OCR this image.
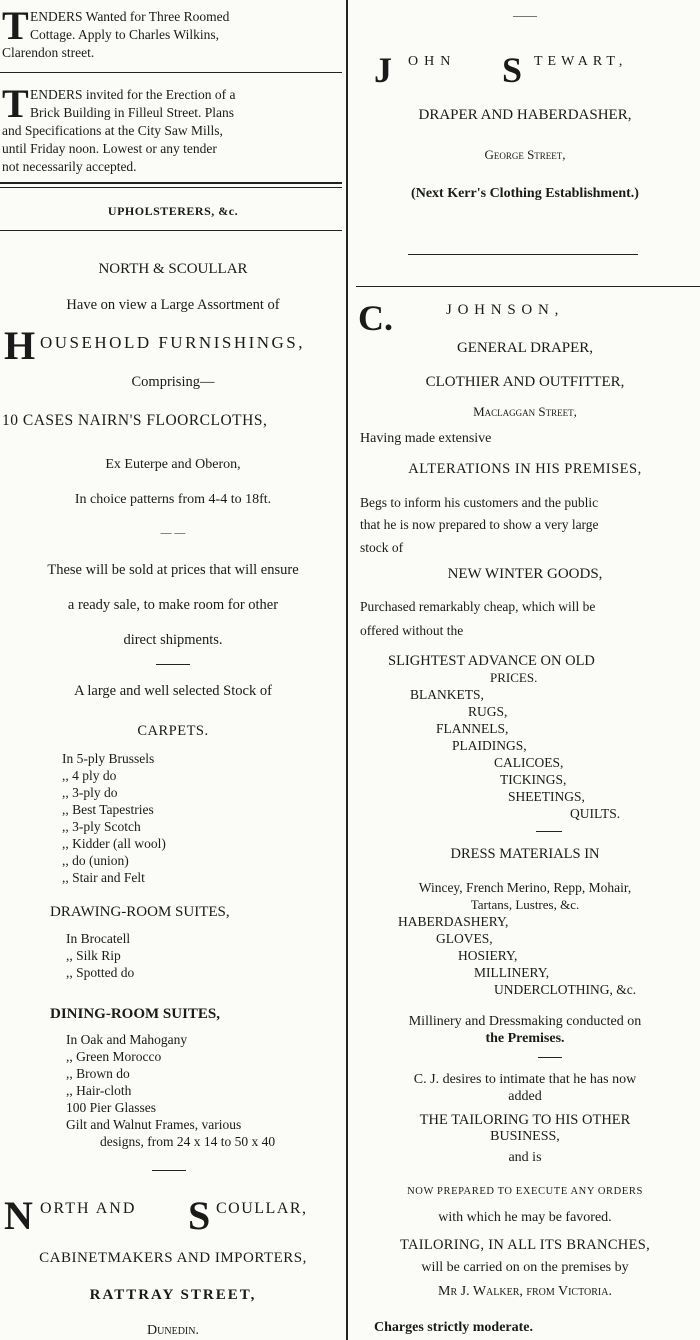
T ENDERS Wanted for Three Roomed
Cottage. Apply to Charles Wilkins,
Clarendon street.
T ENDERS invited for the Erection of a
Brick Building in Filleul Street. Plans
and Specifications at the City Saw Mills,
until Friday noon. Lowest or any tender
not necessarily accepted.
UPHOLSTERERS, &c.
NORTH & SCOULLAR
Have on view a Large Assortment of
H OUSEHOLD FURNISHINGS,
Comprising—
10 CASES NAIRN'S FLOORCLOTHS,
Ex Euterpe and Oberon,
In choice patterns from 4-4 to 18ft.
— —
These will be sold at prices that will ensure
a ready sale, to make room for other
direct shipments.
A large and well selected Stock of
CARPETS.
In 5-ply Brussels
,, 4 ply do
,, 3-ply do
,, Best Tapestries
,, 3-ply Scotch
,, Kidder (all wool)
,, do (union)
,, Stair and Felt
DRAWING-ROOM SUITES,
In Brocatell
,, Silk Rip
,, Spotted do
DINING-ROOM SUITES,
In Oak and Mahogany
,, Green Morocco
,, Brown do
,, Hair-cloth
100 Pier Glasses
Gilt and Walnut Frames, various
designs, from 24 x 14 to 50 x 40
N ORTH AND S COULLAR,
CABINETMAKERS AND IMPORTERS,
RATTRAY STREET,
Dunedin.
——
J OHN S TEWART,
DRAPER AND HABERDASHER,
George Street,
(Next Kerr's Clothing Establishment.)
C.	J O H N S O N ,
GENERAL DRAPER,
CLOTHIER AND OUTFITTER,
Maclaggan Street,
Having made extensive
ALTERATIONS IN HIS PREMISES,
Begs to inform his customers and the public
that he is now prepared to show a very large
stock of
NEW WINTER GOODS,
Purchased remarkably cheap, which will be
offered without the
SLIGHTEST ADVANCE ON OLD
PRICES.
BLANKETS,
RUGS,
FLANNELS,
PLAIDINGS,
CALICOES,
TICKINGS,
SHEETINGS,
QUILTS.
DRESS MATERIALS IN
Wincey, French Merino, Repp, Mohair,
Tartans, Lustres, &c.
HABERDASHERY,
GLOVES,
HOSIERY,
MILLINERY,
UNDERCLOTHING, &c.
Millinery and Dressmaking conducted on
the Premises.
C. J. desires to intimate that he has now
added
THE TAILORING TO HIS OTHER
BUSINESS,
and is
NOW PREPARED TO EXECUTE ANY ORDERS
with which he may be favored.
TAILORING, IN ALL ITS BRANCHES,
will be carried on on the premises by
Mr J. Walker, from Victoria.
Charges strictly moderate.
